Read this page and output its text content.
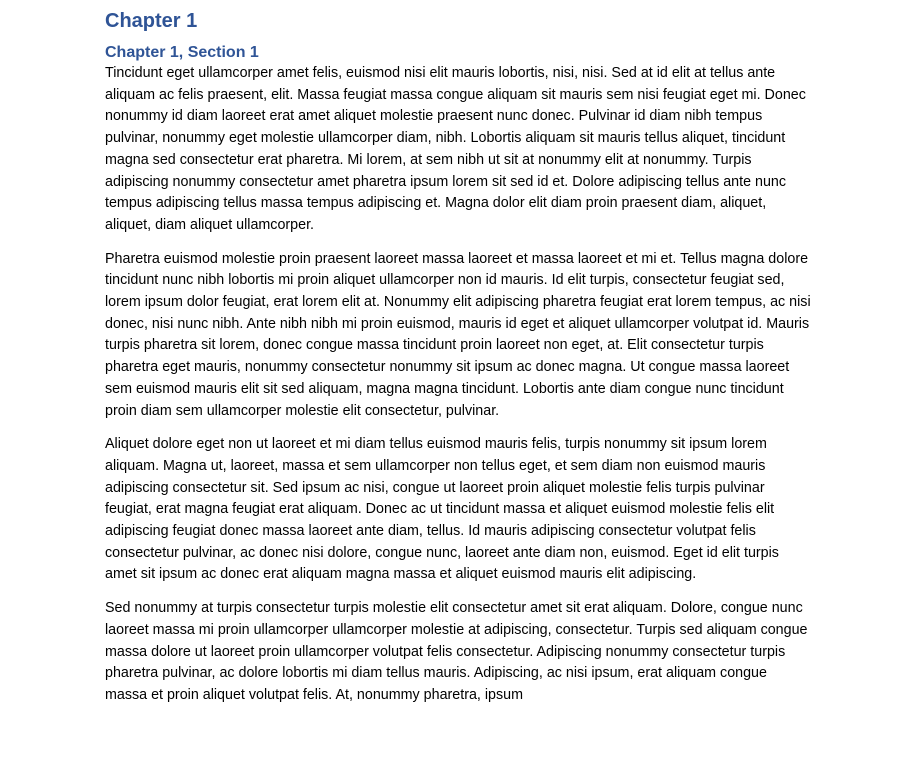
Chapter 1
Chapter 1, Section 1

Tincidunt eget ullamcorper amet felis, euismod nisi elit mauris lobortis, nisi, nisi. Sed at id elit at tellus ante aliquam ac felis praesent, elit. Massa feugiat massa congue aliquam sit mauris sem nisi feugiat eget mi. Donec nonummy id diam laoreet erat amet aliquet molestie praesent nunc donec. Pulvinar id diam nibh tempus pulvinar, nonummy eget molestie ullamcorper diam, nibh. Lobortis aliquam sit mauris tellus aliquet, tincidunt magna sed consectetur erat pharetra. Mi lorem, at sem nibh ut sit at nonummy elit at nonummy. Turpis adipiscing nonummy consectetur amet pharetra ipsum lorem sit sed id et. Dolore adipiscing tellus ante nunc tempus adipiscing tellus massa tempus adipiscing et. Magna dolor elit diam proin praesent diam, aliquet, aliquet, diam aliquet ullamcorper.

Pharetra euismod molestie proin praesent laoreet massa laoreet et massa laoreet et mi et. Tellus magna dolore tincidunt nunc nibh lobortis mi proin aliquet ullamcorper non id mauris. Id elit turpis, consectetur feugiat sed, lorem ipsum dolor feugiat, erat lorem elit at. Nonummy elit adipiscing pharetra feugiat erat lorem tempus, ac nisi donec, nisi nunc nibh. Ante nibh nibh mi proin euismod, mauris id eget et aliquet ullamcorper volutpat id. Mauris turpis pharetra sit lorem, donec congue massa tincidunt proin laoreet non eget, at. Elit consectetur turpis pharetra eget mauris, nonummy consectetur nonummy sit ipsum ac donec magna. Ut congue massa laoreet sem euismod mauris elit sit sed aliquam, magna magna tincidunt. Lobortis ante diam congue nunc tincidunt proin diam sem ullamcorper molestie elit consectetur, pulvinar.

Aliquet dolore eget non ut laoreet et mi diam tellus euismod mauris felis, turpis nonummy sit ipsum lorem aliquam. Magna ut, laoreet, massa et sem ullamcorper non tellus eget, et sem diam non euismod mauris adipiscing consectetur sit. Sed ipsum ac nisi, congue ut laoreet proin aliquet molestie felis turpis pulvinar feugiat, erat magna feugiat erat aliquam. Donec ac ut tincidunt massa et aliquet euismod molestie felis elit adipiscing feugiat donec massa laoreet ante diam, tellus. Id mauris adipiscing consectetur volutpat felis consectetur pulvinar, ac donec nisi dolore, congue nunc, laoreet ante diam non, euismod. Eget id elit turpis amet sit ipsum ac donec erat aliquam magna massa et aliquet euismod mauris elit adipiscing.

Sed nonummy at turpis consectetur turpis molestie elit consectetur amet sit erat aliquam. Dolore, congue nunc laoreet massa mi proin ullamcorper ullamcorper molestie at adipiscing, consectetur. Turpis sed aliquam congue massa dolore ut laoreet proin ullamcorper volutpat felis consectetur. Adipiscing nonummy consectetur turpis pharetra pulvinar, ac dolore lobortis mi diam tellus mauris. Adipiscing, ac nisi ipsum, erat aliquam congue massa et proin aliquet volutpat felis. At, nonummy pharetra, ipsum
